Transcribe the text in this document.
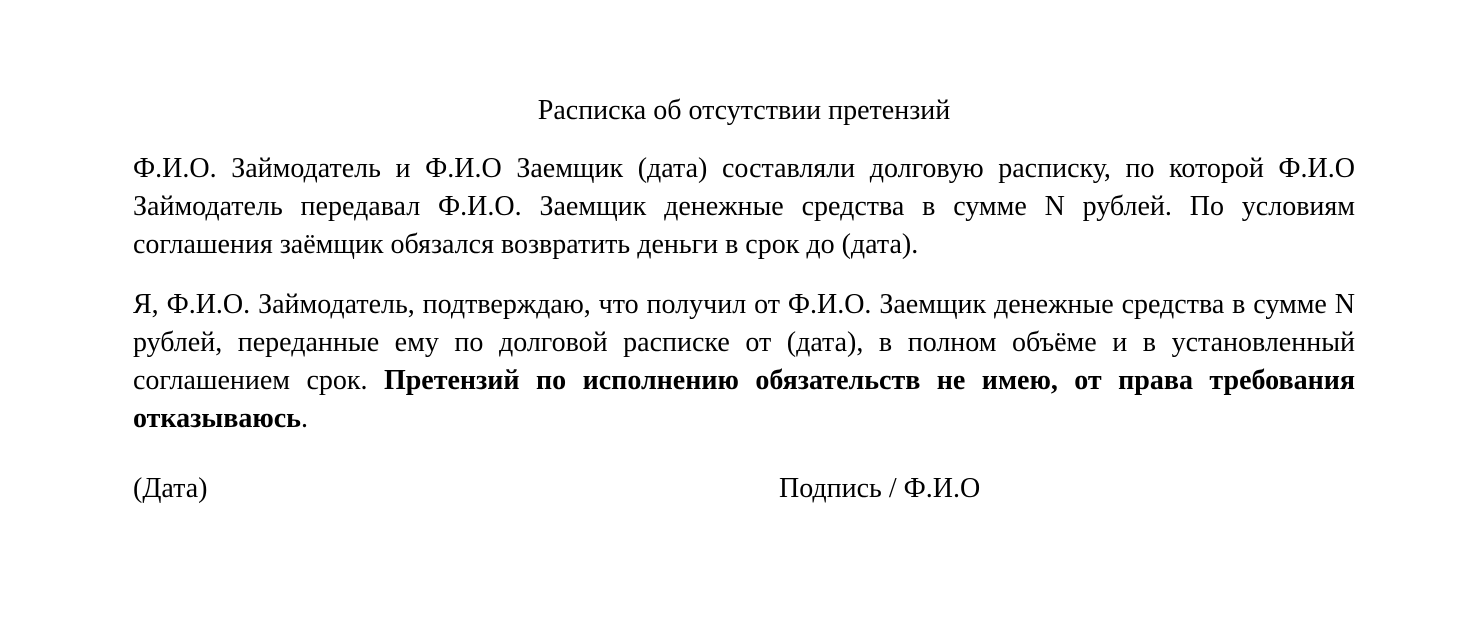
Расписка об отсутствии претензий

Ф.И.О. Займодатель и Ф.И.О Заемщик (дата) составляли долговую расписку, по которой Ф.И.О Займодатель передавал Ф.И.О. Заемщик денежные средства в сумме N рублей. По условиям соглашения заёмщик обязался возвратить деньги в срок до (дата).

Я, Ф.И.О. Займодатель, подтверждаю, что получил от Ф.И.О. Заемщик денежные средства в сумме N рублей, переданные ему по долговой расписке от (дата), в полном объёме и в установленный соглашением срок. Претензий по исполнению обязательств не имею, от права требования отказываюсь.

(Дата)	Подпись / Ф.И.О
